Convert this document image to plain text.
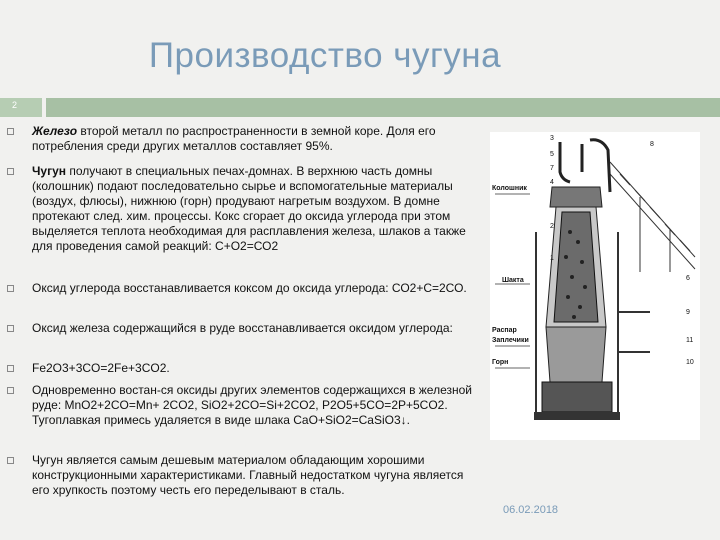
Производство чугуна
2
Железо второй металл по распространенности в земной коре. Доля его потребления среди других металлов составляет 95%.
Чугун получают в специальных печах-домнах. В верхнюю часть домны (колошник) подают последовательно сырье и вспомогательные материалы (воздух, флюсы), нижнюю (горн) продувают нагретым воздухом. В домне протекают след. хим. процессы. Кокс сгорает до оксида углерода при этом выделяется теплота необходимая для расплавления железа, шлаков а также для проведения самой реакций: С+О2=СО2
Оксид углерода восстанавливается коксом до оксида углерода: СО2+С=2СО.
Оксид железа содержащийся в руде восстанавливается оксидом углерода:
Fe2O3+3CO=2Fe+3CO2.
Одновременно востан-ся оксиды других элементов содержащихся в железной руде: MnO2+2CO=Mn+ 2CO2, SiO2+2CO=Si+2CO2, P2O5+5CO=2P+5CO2. Тугоплавкая примесь удаляется в виде шлака CaO+SiO2=CaSiO3↓.
Чугун является самым дешевым материалом обладающим хорошими конструкционными характеристиками. Главный недостатком чугуна является его хрупкость поэтому честь его переделывают в сталь.
Колошник
Шакта
Распар
Заплечики
Горн
3
5
7
4
2
1
8
6
9
11
10
06.02.2018
